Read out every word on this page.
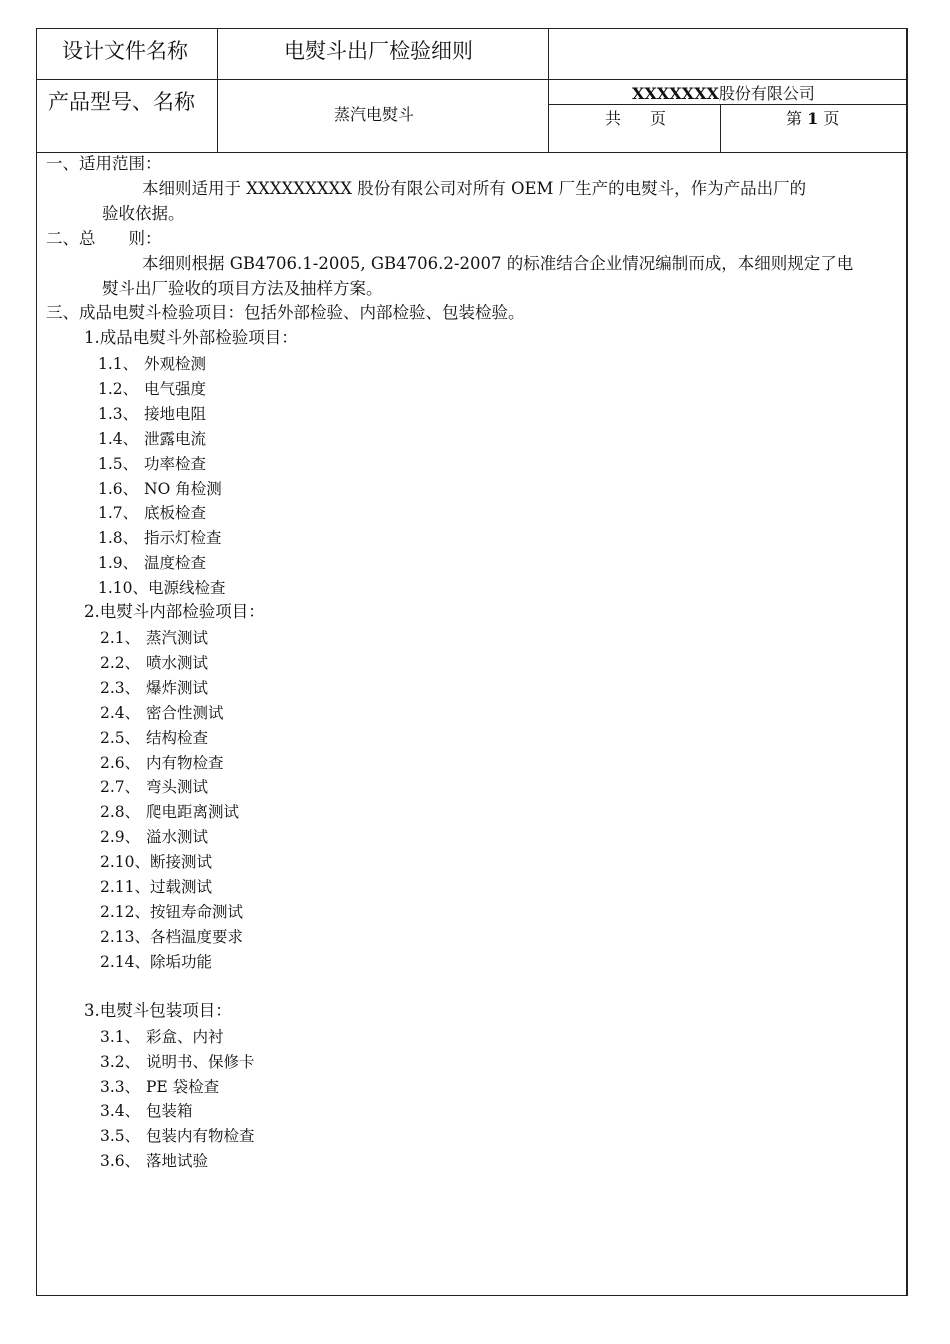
设计文件名称	电熨斗出厂检验细则
产品型号、名称
蒸汽电熨斗
XXXXXXX股份有限公司
共 页	第 1 页
一、适用范围：
本细则适用于 XXXXXXXXX 股份有限公司对所有 OEM 厂生产的电熨斗，作为产品出厂的
验收依据。
二、总　　则：
本细则根据 GB4706.1-2005, GB4706.2-2007 的标准结合企业情况编制而成，本细则规定了电
熨斗出厂验收的项目方法及抽样方案。
三、成品电熨斗检验项目：包括外部检验、内部检验、包装检验。
1.成品电熨斗外部检验项目：
1.1、 外观检测
1.2、 电气强度
1.3、 接地电阻
1.4、 泄露电流
1.5、 功率检查
1.6、 NO 角检测
1.7、 底板检查
1.8、 指示灯检查
1.9、 温度检查
1.10、电源线检查
2.电熨斗内部检验项目：
2.1、 蒸汽测试
2.2、 喷水测试
2.3、 爆炸测试
2.4、 密合性测试
2.5、 结构检查
2.6、 内有物检查
2.7、 弯头测试
2.8、 爬电距离测试
2.9、 溢水测试
2.10、断接测试
2.11、过载测试
2.12、按钮寿命测试
2.13、各档温度要求
2.14、除垢功能
3.电熨斗包装项目：
3.1、 彩盒、内衬
3.2、 说明书、保修卡
3.3、 PE 袋检查
3.4、 包装箱
3.5、 包装内有物检查
3.6、 落地试验
